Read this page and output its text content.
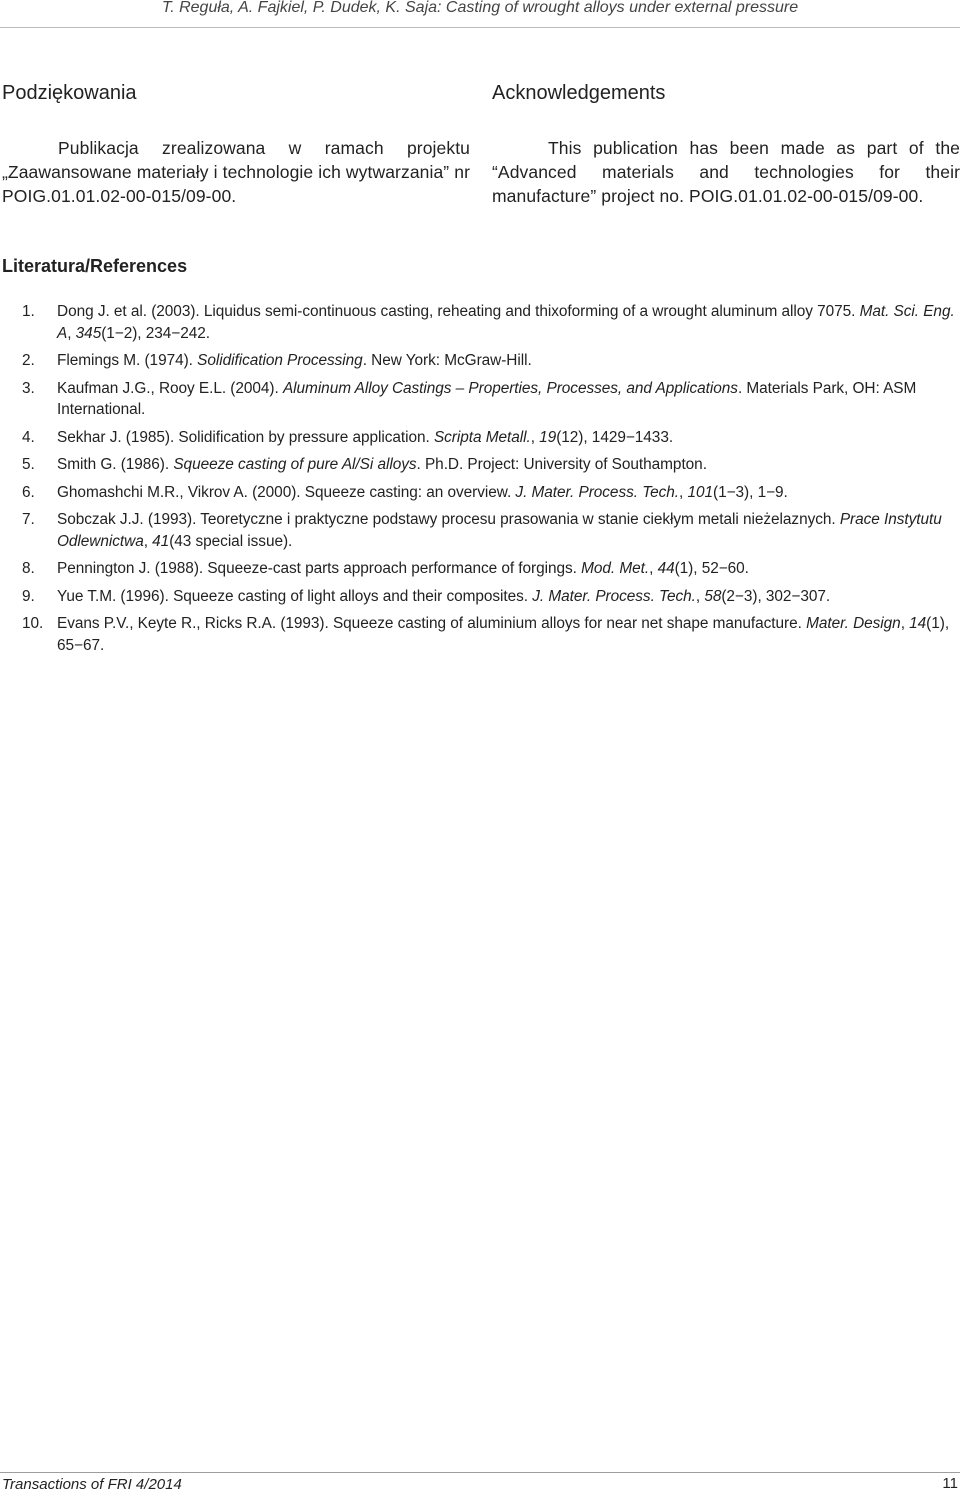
T. Reguła, A. Fajkiel, P. Dudek, K. Saja: Casting of wrought alloys under external pressure
Podziękowania

Publikacja zrealizowana w ramach projektu „Zaawansowane materiały i technologie ich wytwarzania” nr POIG.01.01.02-00-015/09-00.

Acknowledgements

This publication has been made as part of the “Advanced materials and technologies for their manufacture” project no. POIG.01.01.02-00-015/09-00.

Literatura/References
1. Dong J. et al. (2003). Liquidus semi-continuous casting, reheating and thixoforming of a wrought aluminum alloy 7075. Mat. Sci. Eng. A, 345(1−2), 234−242.
2. Flemings M. (1974). Solidification Processing. New York: McGraw-Hill.
3. Kaufman J.G., Rooy E.L. (2004). Aluminum Alloy Castings – Properties, Processes, and Applications. Materials Park, OH: ASM International.
4. Sekhar J. (1985). Solidification by pressure application. Scripta Metall., 19(12), 1429−1433.
5. Smith G. (1986). Squeeze casting of pure Al/Si alloys. Ph.D. Project: University of Southampton.
6. Ghomashchi M.R., Vikrov A. (2000). Squeeze casting: an overview. J. Mater. Process. Tech., 101(1−3), 1−9.
7. Sobczak J.J. (1993). Teoretyczne i praktyczne podstawy procesu prasowania w stanie ciekłym metali nieżelaznych. Prace Instytutu Odlewnictwa, 41(43 special issue).
8. Pennington J. (1988). Squeeze-cast parts approach performance of forgings. Mod. Met., 44(1), 52−60.
9. Yue T.M. (1996). Squeeze casting of light alloys and their composites. J. Mater. Process. Tech., 58(2−3), 302−307.
10. Evans P.V., Keyte R., Ricks R.A. (1993). Squeeze casting of aluminium alloys for near net shape manufacture. Mater. Design, 14(1), 65−67.
Transactions of FRI 4/2014	11
